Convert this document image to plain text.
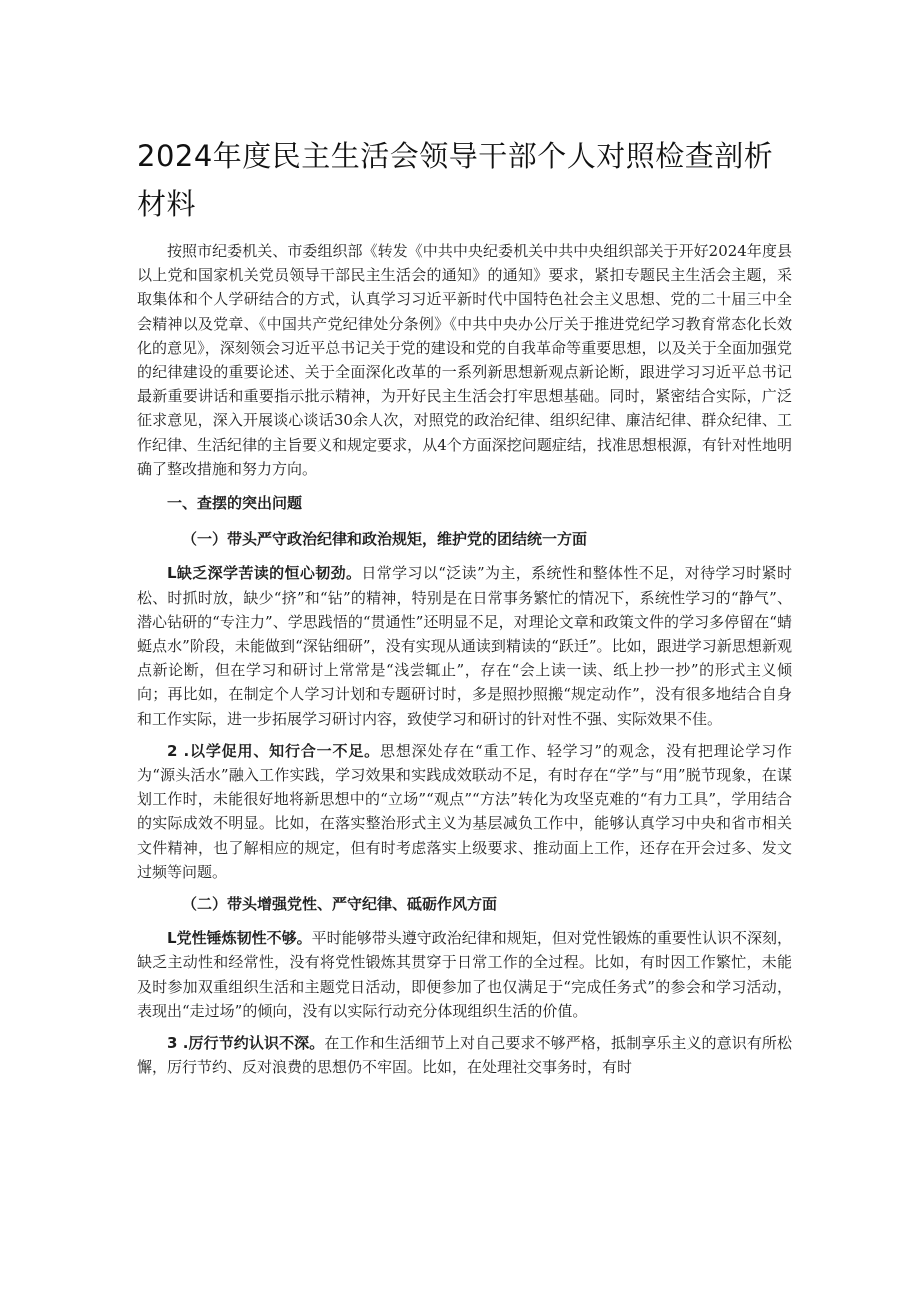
2024年度民主生活会领导干部个人对照检查剖析材料

按照市纪委机关、市委组织部《转发《中共中央纪委机关中共中央组织部关于开好2024年度县以上党和国家机关党员领导干部民主生活会的通知》的通知》要求，紧扣专题民主生活会主题，采取集体和个人学研结合的方式，认真学习习近平新时代中国特色社会主义思想、党的二十届三中全会精神以及党章、《中国共产党纪律处分条例》《中共中央办公厅关于推进党纪学习教育常态化长效化的意见》，深刻领会习近平总书记关于党的建设和党的自我革命等重要思想，以及关于全面加强党的纪律建设的重要论述、关于全面深化改革的一系列新思想新观点新论断，跟进学习习近平总书记最新重要讲话和重要指示批示精神，为开好民主生活会打牢思想基础。同时，紧密结合实际，广泛征求意见，深入开展谈心谈话30余人次，对照党的政治纪律、组织纪律、廉洁纪律、群众纪律、工作纪律、生活纪律的主旨要义和规定要求，从4个方面深挖问题症结，找准思想根源，有针对性地明确了整改措施和努力方向。

一、查摆的突出问题

（一）带头严守政治纪律和政治规矩，维护党的团结统一方面

L缺乏深学苦读的恒心韧劲。日常学习以“泛读”为主，系统性和整体性不足，对待学习时紧时松、时抓时放，缺少“挤”和“钻”的精神，特别是在日常事务繁忙的情况下，系统性学习的“静气”、潜心钻研的“专注力”、学思践悟的“贯通性”还明显不足，对理论文章和政策文件的学习多停留在“蜻蜓点水”阶段，未能做到“深钻细研”，没有实现从通读到精读的“跃迁”。比如，跟进学习新思想新观点新论断，但在学习和研讨上常常是“浅尝辄止”，存在“会上读一读、纸上抄一抄”的形式主义倾向；再比如，在制定个人学习计划和专题研讨时，多是照抄照搬“规定动作”，没有很多地结合自身和工作实际，进一步拓展学习研讨内容，致使学习和研讨的针对性不强、实际效果不佳。

2 .以学促用、知行合一不足。思想深处存在“重工作、轻学习”的观念，没有把理论学习作为“源头活水”融入工作实践，学习效果和实践成效联动不足，有时存在“学”与“用”脱节现象，在谋划工作时，未能很好地将新思想中的“立场”“观点”“方法”转化为攻坚克难的“有力工具”，学用结合的实际成效不明显。比如，在落实整治形式主义为基层减负工作中，能够认真学习中央和省市相关文件精神，也了解相应的规定，但有时考虑落实上级要求、推动面上工作，还存在开会过多、发文过频等问题。

（二）带头增强党性、严守纪律、砥砺作风方面

L党性锤炼韧性不够。平时能够带头遵守政治纪律和规矩，但对党性锻炼的重要性认识不深刻，缺乏主动性和经常性，没有将党性锻炼其贯穿于日常工作的全过程。比如，有时因工作繁忙，未能及时参加双重组织生活和主题党日活动，即便参加了也仅满足于“完成任务式”的参会和学习活动，表现出“走过场”的倾向，没有以实际行动充分体现组织生活的价值。

3 .厉行节约认识不深。在工作和生活细节上对自己要求不够严格，抵制享乐主义的意识有所松懈，厉行节约、反对浪费的思想仍不牢固。比如，在处理社交事务时，有时
